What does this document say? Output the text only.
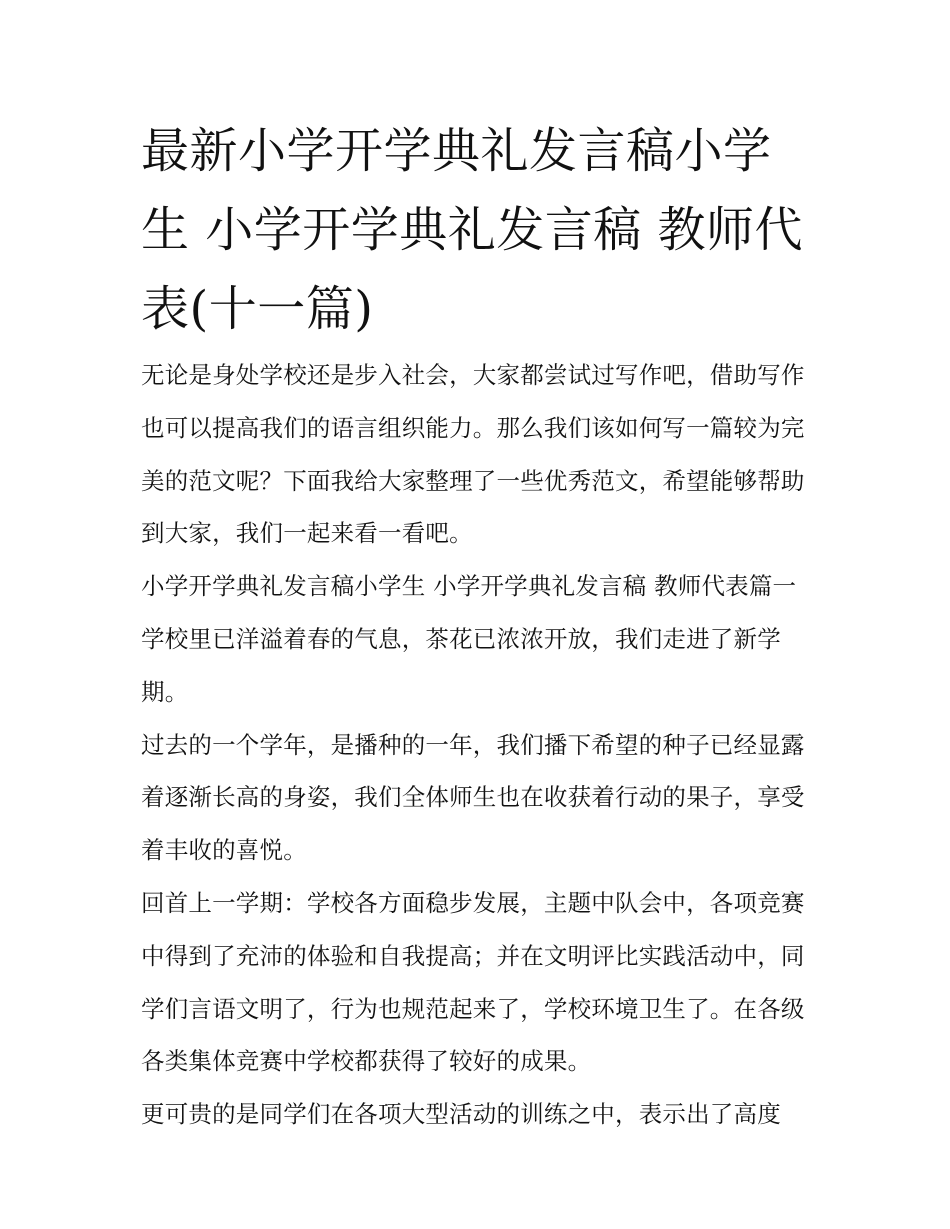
最新小学开学典礼发言稿小学生 小学开学典礼发言稿 教师代表(十一篇)

无论是身处学校还是步入社会，大家都尝试过写作吧，借助写作也可以提高我们的语言组织能力。那么我们该如何写一篇较为完美的范文呢？下面我给大家整理了一些优秀范文，希望能够帮助到大家，我们一起来看一看吧。

小学开学典礼发言稿小学生 小学开学典礼发言稿 教师代表篇一 学校里已洋溢着春的气息，茶花已浓浓开放，我们走进了新学期。

过去的一个学年，是播种的一年，我们播下希望的种子已经显露着逐渐长高的身姿，我们全体师生也在收获着行动的果子，享受着丰收的喜悦。

回首上一学期：学校各方面稳步发展，主题中队会中，各项竞赛中得到了充沛的体验和自我提高；并在文明评比实践活动中，同学们言语文明了，行为也规范起来了，学校环境卫生了。在各级各类集体竞赛中学校都获得了较好的成果。

更可贵的是同学们在各项大型活动的训练之中，表示出了高度
